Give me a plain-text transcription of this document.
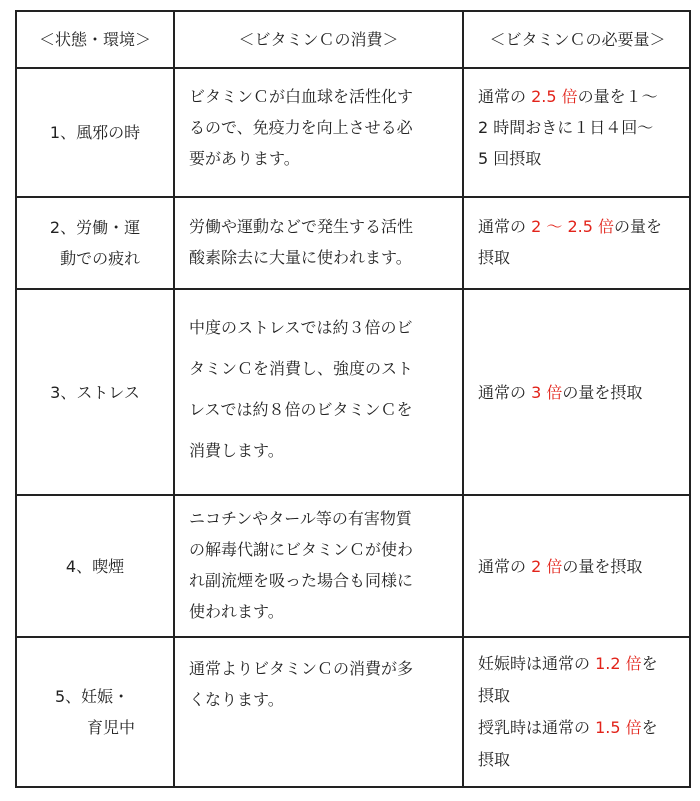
＜状態・環境＞	＜ビタミンＣの消費＞	＜ビタミンＣの必要量＞
1、風邪の時
ビタミンＣが白血球を活性化す
るので、免疫力を向上させる必
要があります。
通常の 2.5 倍の量を１〜
2 時間おきに１日４回〜
5 回摂取
2、労働・運
動での疲れ
労働や運動などで発生する活性
酸素除去に大量に使われます。
通常の 2 〜 2.5 倍の量を
摂取
3、ストレス
中度のストレスでは約３倍のビ
タミンＣを消費し、強度のスト
レスでは約８倍のビタミンＣを
消費します。
通常の 3 倍の量を摂取
4、喫煙
ニコチンやタール等の有害物質
の解毒代謝にビタミンＣが使わ
れ副流煙を吸った場合も同様に
使われます。
通常の 2 倍の量を摂取
5、妊娠・
育児中
通常よりビタミンＣの消費が多
くなります。
妊娠時は通常の 1.2 倍を
摂取
授乳時は通常の 1.5 倍を
摂取
